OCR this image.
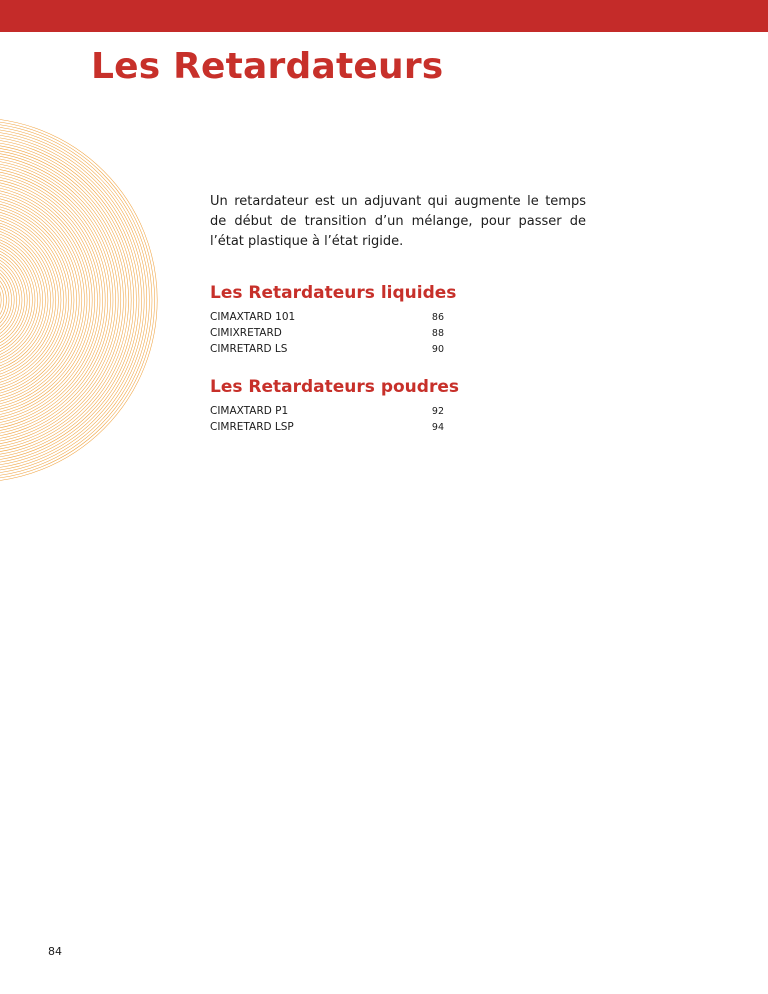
Les Retardateurs

Un retardateur est un adjuvant qui augmente le temps de début de transition d’un mélange, pour passer de l’état plastique à l’état rigide.

Les Retardateurs liquides
CIMAXTARD 101	86
CIMIXRETARD	88
CIMRETARD LS	90
Les Retardateurs poudres
CIMAXTARD P1	92
CIMRETARD LSP	94
84
